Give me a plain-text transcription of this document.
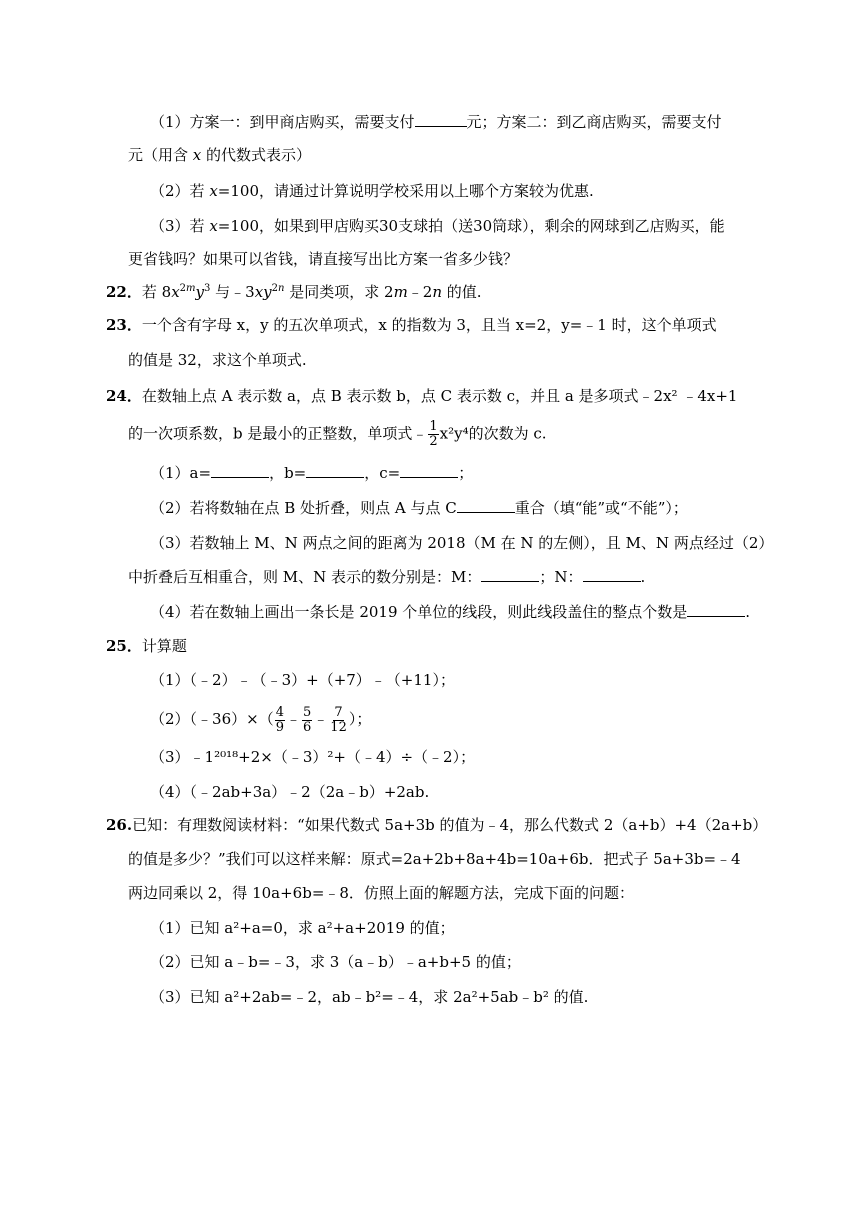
（1）方案一：到甲商店购买，需要支付	元；方案二：到乙商店购买，需要支付
元（用含 x 的代数式表示）
（2）若 x=100，请通过计算说明学校采用以上哪个方案较为优惠.
（3）若 x=100，如果到甲店购买30支球拍（送30筒球），剩余的网球到乙店购买，能
更省钱吗？如果可以省钱，请直接写出比方案一省多少钱？
22．若 $8x^{2m}y^3$ 与$﹣3xy^{2n}$ 是同类项，求 2m﹣2n 的值.
23．一个含有字母 x，y 的五次单项式，x 的指数为 3，且当 x=2，y=﹣1 时，这个单项式
的值是 32，求这个单项式.
24．在数轴上点 A 表示数 a，点 B 表示数 b，点 C 表示数 c，并且 a 是多项式﹣2x² ﹣4x+1
的一次项系数，b 是最小的正整数，单项式﹣ $\frac{1}{2} x^2y^4$的次数为 c.
（1）a=	，b=	，c=	；
（2）若将数轴在点 B 处折叠，则点 A 与点 C	重合（填“能”或“不能”）；
（3）若数轴上 M、N 两点之间的距离为 2018（M 在 N 的左侧），且 M、N 两点经过（2）
中折叠后互相重合，则 M、N 表示的数分别是：M：	；N：	.
（4）若在数轴上画出一条长是 2019 个单位的线段，则此线段盖住的整点个数是	.
25．计算题
（1）（﹣2）﹣（﹣3）+（+7）﹣（+11）；
（2）（﹣36）×（ $\frac{4}{9}$ ﹣ $\frac{5}{6}$ ﹣ $\frac{7}{12}$ ）；
（3）﹣1²⁰¹⁸+2×（﹣3）²+（﹣4）÷（﹣2）；
（4）（﹣2ab+3a）﹣2（2a﹣b）+2ab.
26.已知：有理数阅读材料：“如果代数式 5a+3b 的值为﹣4，那么代数式 2（a+b）+4（2a+b）
的值是多少？”我们可以这样来解：原式=2a+2b+8a+4b=10a+6b．把式子 5a+3b=﹣4
两边同乘以 2，得 10a+6b=﹣8．仿照上面的解题方法，完成下面的问题：
（1）已知 a²+a=0，求 a²+a+2019 的值；
（2）已知 a﹣b=﹣3，求 3（a﹣b）﹣a+b+5 的值；
（3）已知 a²+2ab=﹣2，ab﹣b²=﹣4，求 2a²+5ab﹣b² 的值.
